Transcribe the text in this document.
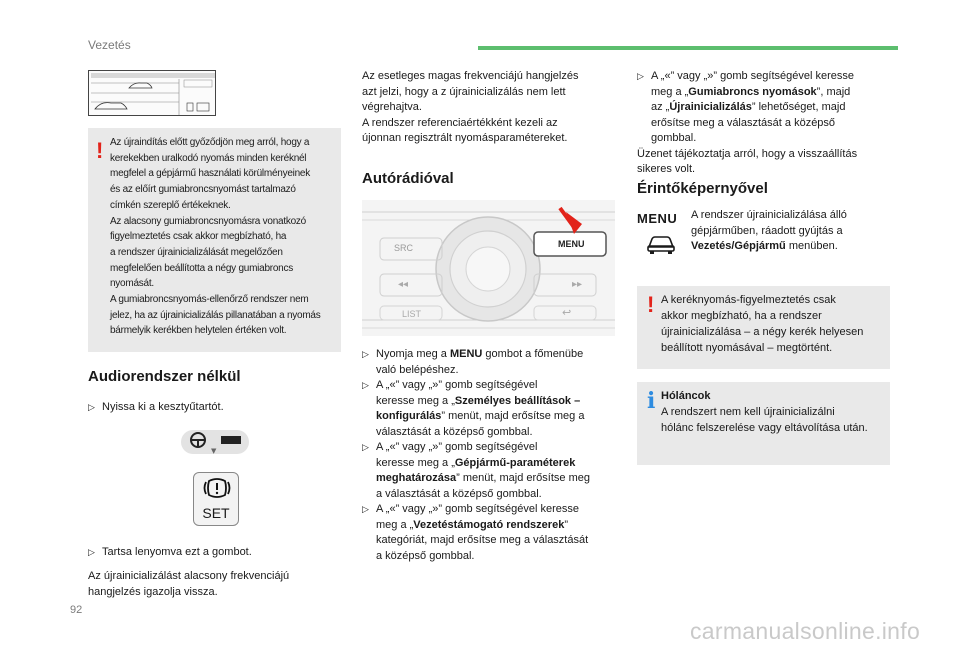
Vezetés
! Az újraindítás előtt győződjön meg arról, hogy a
kerekekben uralkodó nyomás minden keréknél
megfelel a gépjármű használati körülményeinek
és az előírt gumiabroncsnyomást tartalmazó
címkén szereplő értékeknek.
Az alacsony gumiabroncsnyomásra vonatkozó
figyelmeztetés csak akkor megbízható, ha
a rendszer újrainicializálását megelőzően
megfelelően beállította a négy gumiabroncs
nyomását.
A gumiabroncsnyomás-ellenőrző rendszer nem
jelez, ha az újrainicializálás pillanatában a nyomás
bármelyik kerékben helytelen értéken volt.
Audiorendszer nélkül
▷ Nyissa ki a kesztyűtartót.
▼
SET
▷ Tartsa lenyomva ezt a gombot.
Az újrainicializálást alacsony frekvenciájú
hangjelzés igazolja vissza.
Az esetleges magas frekvenciájú hangjelzés
azt jelzi, hogy a z újrainicializálás nem lett
végrehajtva.
A rendszer referenciaértékként kezeli az
újonnan regisztrált nyomásparamétereket.
Autórádióval
SRC	MENU
◂◂	▸▸
LIST	↩
▷ Nyomja meg a MENU gombot a főmenübe
való belépéshez.
▷ A „«” vagy „»” gomb segítségével
keresse meg a „Személyes beállítások –
konfigurálás” menüt, majd erősítse meg a
választását a középső gombbal.
▷ A „«” vagy „»” gomb segítségével
keresse meg a „Gépjármű-paraméterek
meghatározása” menüt, majd erősítse meg
a választását a középső gombbal.
▷ A „«” vagy „»” gomb segítségével keresse
meg a „Vezetéstámogató rendszerek”
kategóriát, majd erősítse meg a választását
a középső gombbal.
▷ A „«” vagy „»” gomb segítségével keresse
meg a „Gumiabroncs nyomások”, majd
az „Újrainicializálás” lehetőséget, majd
erősítse meg a választását a középső
gombbal.
Üzenet tájékoztatja arról, hogy a visszaállítás
sikeres volt.
Érintőképernyővel
MENU A rendszer újrainicializálása álló
gépjárműben, ráadott gyújtás a
Vezetés/Gépjármű menüben.
! A keréknyomás-figyelmeztetés csak
akkor megbízható, ha a rendszer
újrainicializálása – a négy kerék helyesen
beállított nyomásával – megtörtént.
i Hóláncok
A rendszert nem kell újrainicializálni
hólánc felszerelése vagy eltávolítása után.
92
carmanualsonline.info
